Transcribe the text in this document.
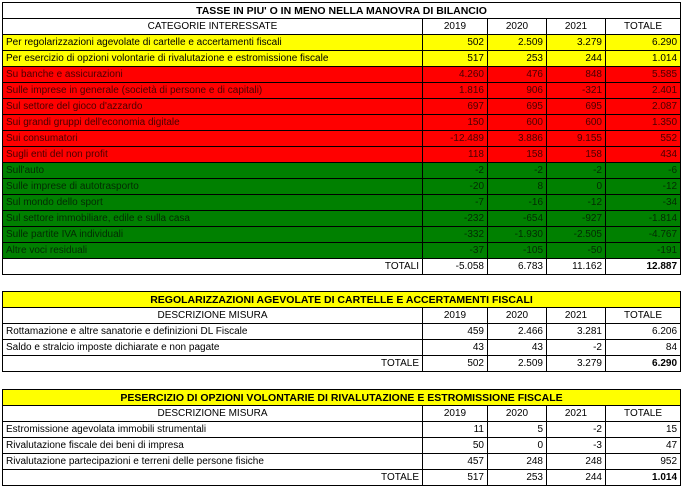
TASSE IN PIU' O IN MENO NELLA MANOVRA DI BILANCIO				
CATEGORIE INTERESSATE	2019	2020	2021	TOTALE
Per regolarizzazioni agevolate di cartelle e accertamenti fiscali	502	2.509	3.279	6.290
Per esercizio di opzioni volontarie di rivalutazione e estromissione fiscale	517	253	244	1.014
Su banche e assicurazioni	4.260	476	848	5.585
Sulle imprese in generale (società di persone e di capitali)	1.816	906	-321	2.401
Sul settore del gioco d'azzardo	697	695	695	2.087
Sui grandi gruppi dell'economia digitale	150	600	600	1.350
Sui consumatori	-12.489	3.886	9.155	552
Sugli enti del non profit	118	158	158	434
Sull'auto	-2	-2	-2	-6
Sulle imprese di autotrasporto	-20	8	0	-12
Sul mondo dello sport	-7	-16	-12	-34
Sul settore immobiliare, edile e sulla casa	-232	-654	-927	-1.814
Sulle partite IVA individuali	-332	-1.930	-2.505	-4.767
Altre voci residuali	-37	-105	-50	-191
TOTALI	-5.058	6.783	11.162	12.887
REGOLARIZZAZIONI AGEVOLATE DI CARTELLE E ACCERTAMENTI FISCALI				
DESCRIZIONE MISURA	2019	2020	2021	TOTALE
Rottamazione e altre sanatorie e definizioni DL Fiscale	459	2.466	3.281	6.206
Saldo e stralcio imposte dichiarate e non pagate	43	43	-2	84
TOTALE	502	2.509	3.279	6.290
PESERCIZIO DI OPZIONI VOLONTARIE DI RIVALUTAZIONE E ESTROMISSIONE FISCALE				
DESCRIZIONE MISURA	2019	2020	2021	TOTALE
Estromissione agevolata immobili strumentali	11	5	-2	15
Rivalutazione fiscale dei beni di impresa	50	0	-3	47
Rivalutazione partecipazioni e terreni delle persone fisiche	457	248	248	952
TOTALE	517	253	244	1.014
